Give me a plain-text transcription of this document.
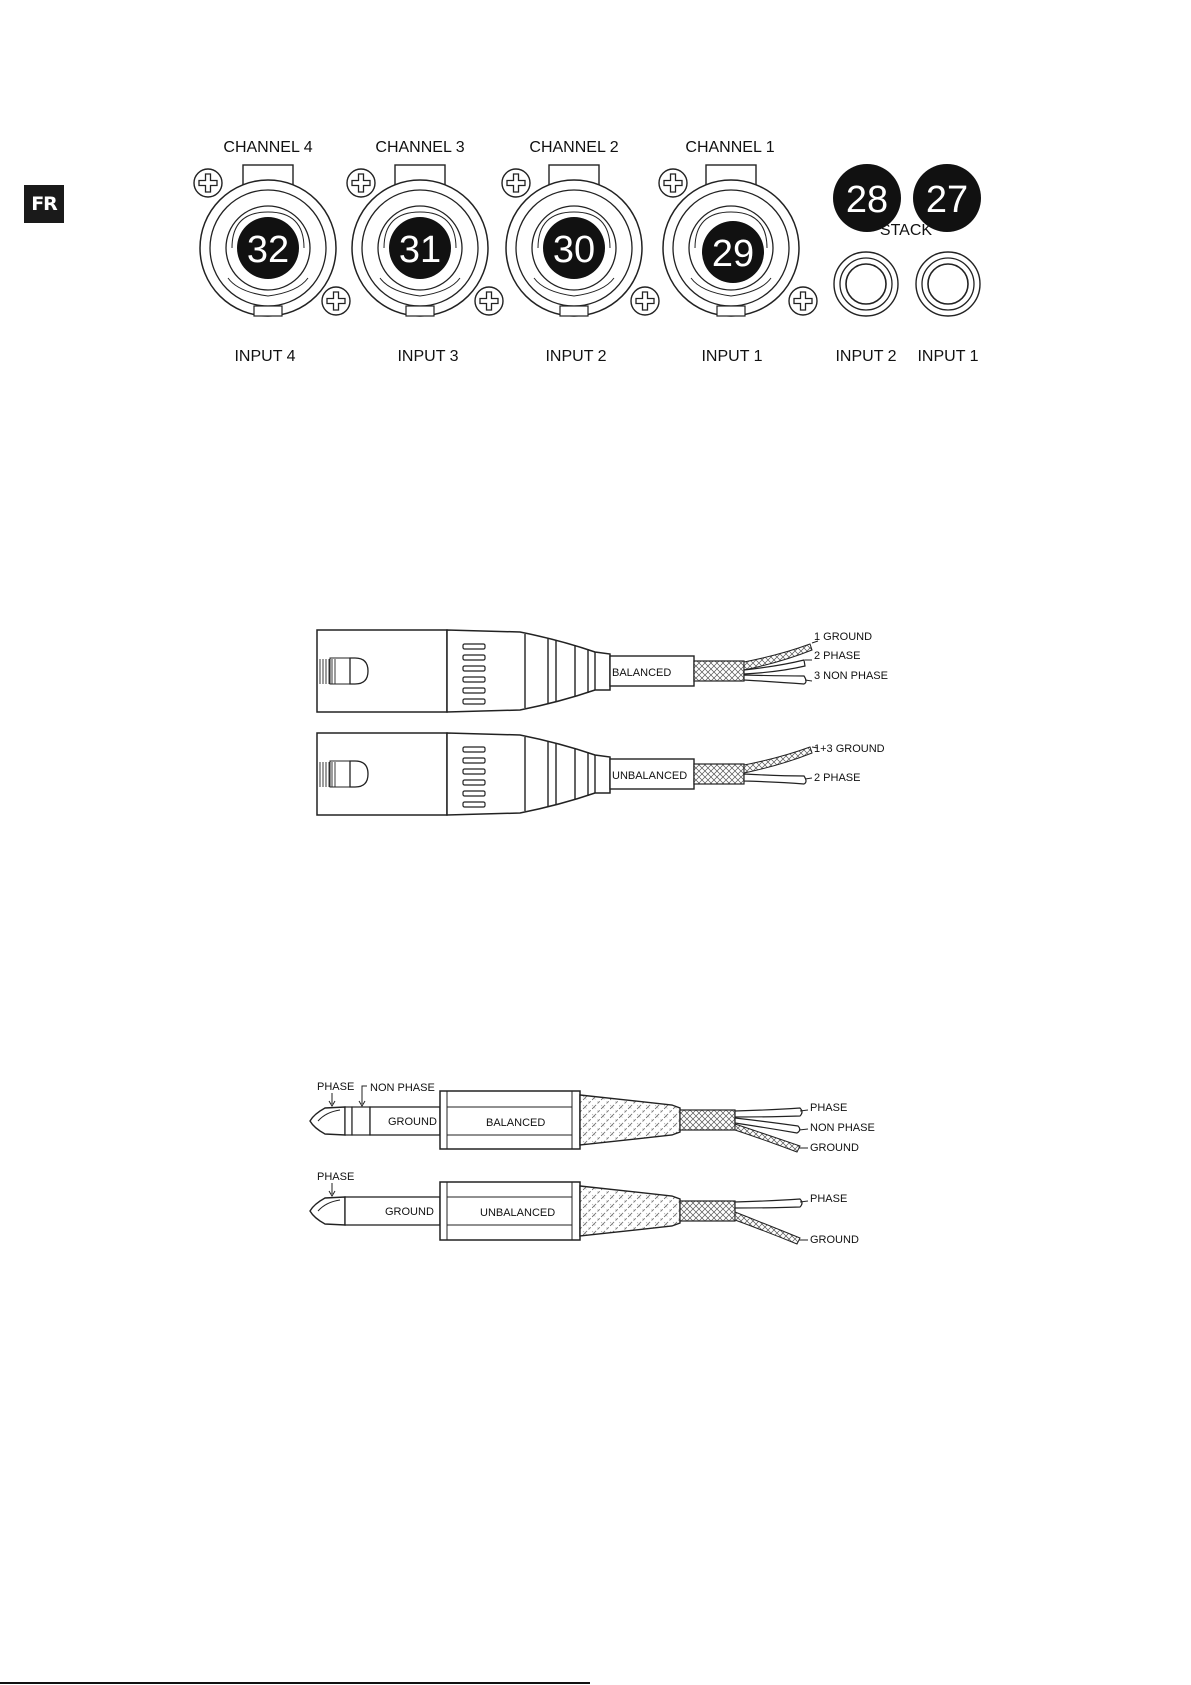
FR
CHANNEL 4
32
INPUT 4
CHANNEL 3
31
INPUT 3
CHANNEL 2
30
INPUT 2
CHANNEL 1
29
INPUT 1
28 27
STACK
INPUT 2 INPUT 1
BALANCED
1 GROUND
2 PHASE
3 NON PHASE
UNBALANCED
1+3 GROUND
2 PHASE
PHASE NON PHASE
GROUND	BALANCED
PHASE
NON PHASE
GROUND
PHASE
GROUND	UNBALANCED
PHASE
GROUND
